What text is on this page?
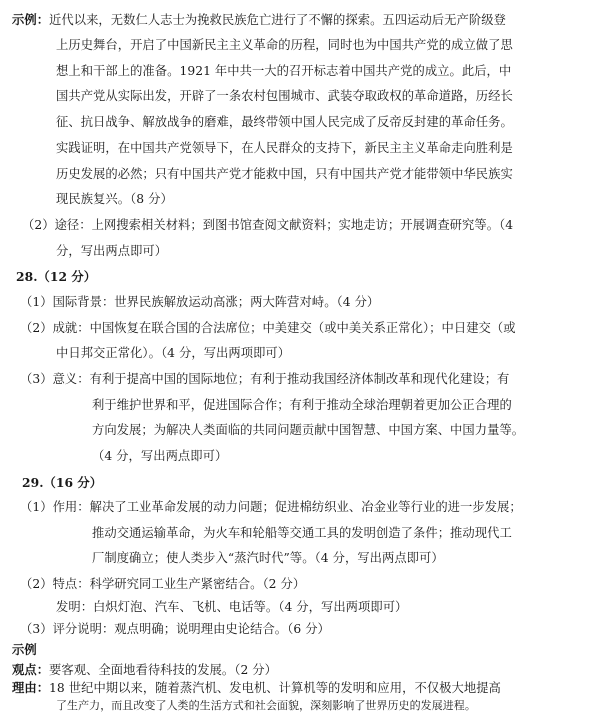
示例：近代以来，无数仁人志士为挽救民族危亡进行了不懈的探索。五四运动后无产阶级登
上历史舞台，开启了中国新民主主义革命的历程，同时也为中国共产党的成立做了思
想上和干部上的准备。1921 年中共一大的召开标志着中国共产党的成立。此后，中
国共产党从实际出发，开辟了一条农村包围城市、武装夺取政权的革命道路，历经长
征、抗日战争、解放战争的磨难，最终带领中国人民完成了反帝反封建的革命任务。
实践证明，在中国共产党领导下，在人民群众的支持下，新民主主义革命走向胜利是
历史发展的必然；只有中国共产党才能救中国，只有中国共产党才能带领中华民族实
现民族复兴。（8 分）
（2）途径：上网搜索相关材料；到图书馆查阅文献资料；实地走访；开展调查研究等。（4
分，写出两点即可）
28.（12 分）
（1）国际背景：世界民族解放运动高涨；两大阵营对峙。（4 分）
（2）成就：中国恢复在联合国的合法席位；中美建交（或中美关系正常化）；中日建交（或
中日邦交正常化）。（4 分，写出两项即可）
（3）意义：有利于提高中国的国际地位；有利于推动我国经济体制改革和现代化建设；有
利于维护世界和平，促进国际合作；有利于推动全球治理朝着更加公正合理的
方向发展；为解决人类面临的共同问题贡献中国智慧、中国方案、中国力量等。
（4 分，写出两点即可）
29.（16 分）
（1）作用：解决了工业革命发展的动力问题；促进棉纺织业、冶金业等行业的进一步发展；
推动交通运输革命，为火车和轮船等交通工具的发明创造了条件；推动现代工
厂制度确立；使人类步入“蒸汽时代”等。（4 分，写出两点即可）
（2）特点：科学研究同工业生产紧密结合。（2 分）
发明：白炽灯泡、汽车、飞机、电话等。（4 分，写出两项即可）
（3）评分说明：观点明确；说明理由史论结合。（6 分）
示例
观点：要客观、全面地看待科技的发展。（2 分）
理由：18 世纪中期以来，随着蒸汽机、发电机、计算机等的发明和应用，不仅极大地提高
了生产力，而且改变了人类的生活方式和社会面貌，深刻影响了世界历史的发展进程。
